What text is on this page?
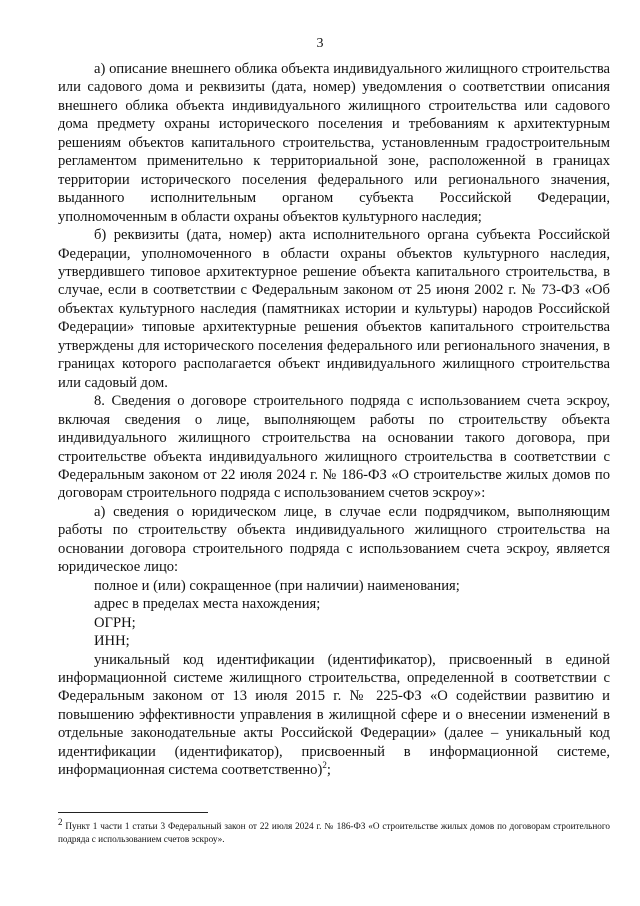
3

а) описание внешнего облика объекта индивидуального жилищного строительства или садового дома и реквизиты (дата, номер) уведомления о соответствии описания внешнего облика объекта индивидуального жилищного строительства или садового дома предмету охраны исторического поселения и требованиям к архитектурным решениям объектов капитального строительства, установленным градостроительным регламентом применительно к территориальной зоне, расположенной в границах территории исторического поселения федерального или регионального значения, выданного исполнительным органом субъекта Российской Федерации, уполномоченным в области охраны объектов культурного наследия;

б) реквизиты (дата, номер) акта исполнительного органа субъекта Российской Федерации, уполномоченного в области охраны объектов культурного наследия, утвердившего типовое архитектурное решение объекта капитального строительства, в случае, если в соответствии с Федеральным законом от 25 июня 2002 г. № 73-ФЗ «Об объектах культурного наследия (памятниках истории и культуры) народов Российской Федерации» типовые архитектурные решения объектов капитального строительства утверждены для исторического поселения федерального или регионального значения, в границах которого располагается объект индивидуального жилищного строительства или садовый дом.

8. Сведения о договоре строительного подряда с использованием счета эскроу, включая сведения о лице, выполняющем работы по строительству объекта индивидуального жилищного строительства на основании такого договора, при строительстве объекта индивидуального жилищного строительства в соответствии с Федеральным законом от 22 июля 2024 г. № 186-ФЗ «О строительстве жилых домов по договорам строительного подряда с использованием счетов эскроу»:

а) сведения о юридическом лице, в случае если подрядчиком, выполняющим работы по строительству объекта индивидуального жилищного строительства на основании договора строительного подряда с использованием счета эскроу, является юридическое лицо:

полное и (или) сокращенное (при наличии) наименования;

адрес в пределах места нахождения;

ОГРН;

ИНН;

уникальный код идентификации (идентификатор), присвоенный в единой информационной системе жилищного строительства, определенной в соответствии с Федеральным законом от 13 июля 2015 г. № 225-ФЗ «О содействии развитию и повышению эффективности управления в жилищной сфере и о внесении изменений в отдельные законодательные акты Российской Федерации» (далее – уникальный код идентификации (идентификатор), присвоенный в информационной системе, информационная система соответственно)$^2$;

$^2$ Пункт 1 части 1 статьи 3 Федеральный закон от 22 июля 2024 г. № 186-ФЗ «О строительстве жилых домов по договорам строительного подряда с использованием счетов эскроу».
